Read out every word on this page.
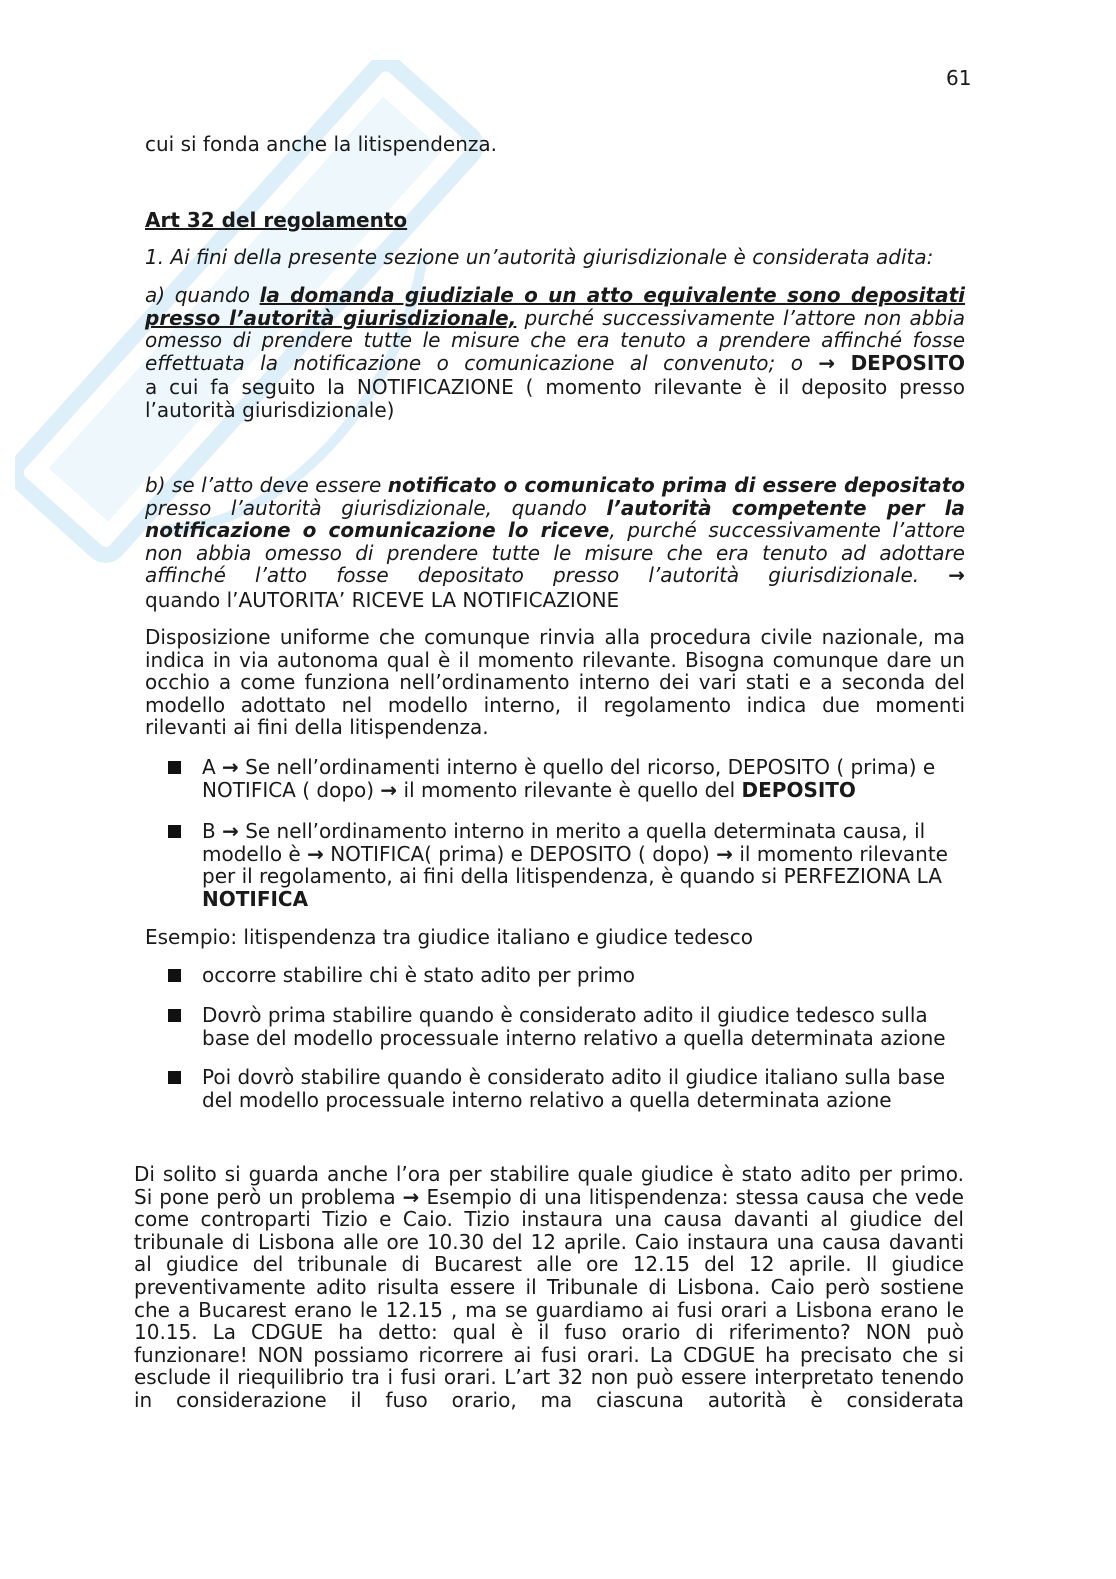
61
cui si fonda anche la litispendenza.
Art 32 del regolamento
1. Ai fini della presente sezione un’autorità giurisdizionale è considerata adita:
a) quando la domanda giudiziale o un atto equivalente sono depositati presso l’autorità giurisdizionale, purché successivamente l’attore non abbia omesso di prendere tutte le misure che era tenuto a prendere affinché fosse effettuata la notificazione o comunicazione al convenuto; o → DEPOSITO
a cui fa seguito la NOTIFICAZIONE ( momento rilevante è il deposito presso l’autorità giurisdizionale)
b) se l’atto deve essere notificato o comunicato prima di essere depositato presso l’autorità giurisdizionale, quando l’autorità competente per la notificazione o comunicazione lo riceve, purché successivamente l’attore non abbia omesso di prendere tutte le misure che era tenuto ad adottare affinché l’atto fosse depositato presso l’autorità giurisdizionale. →
quando l’AUTORITA’ RICEVE LA NOTIFICAZIONE
Disposizione uniforme che comunque rinvia alla procedura civile nazionale, ma indica in via autonoma qual è il momento rilevante. Bisogna comunque dare un occhio a come funziona nell’ordinamento interno dei vari stati e a seconda del modello adottato nel modello interno, il regolamento indica due momenti rilevanti ai fini della litispendenza.
A → Se nell’ordinamenti interno è quello del ricorso, DEPOSITO ( prima) e NOTIFICA ( dopo) → il momento rilevante è quello del DEPOSITO
B → Se nell’ordinamento interno in merito a quella determinata causa, il modello è → NOTIFICA( prima) e DEPOSITO ( dopo) → il momento rilevante per il regolamento, ai fini della litispendenza, è quando si PERFEZIONA LA NOTIFICA
Esempio: litispendenza tra giudice italiano e giudice tedesco
occorre stabilire chi è stato adito per primo
Dovrò prima stabilire quando è considerato adito il giudice tedesco sulla base del modello processuale interno relativo a quella determinata azione
Poi dovrò stabilire quando è considerato adito il giudice italiano sulla base del modello processuale interno relativo a quella determinata azione
Di solito si guarda anche l’ora per stabilire quale giudice è stato adito per primo. Si pone però un problema → Esempio di una litispendenza: stessa causa che vede come controparti Tizio e Caio. Tizio instaura una causa davanti al giudice del tribunale di Lisbona alle ore 10.30 del 12 aprile. Caio instaura una causa davanti al giudice del tribunale di Bucarest alle ore 12.15 del 12 aprile. Il giudice preventivamente adito risulta essere il Tribunale di Lisbona. Caio però sostiene che a Bucarest erano le 12.15 , ma se guardiamo ai fusi orari a Lisbona erano le 10.15. La CDGUE ha detto: qual è il fuso orario di riferimento? NON può funzionare! NON possiamo ricorrere ai fusi orari. La CDGUE ha precisato che si esclude il riequilibrio tra i fusi orari. L’art 32 non può essere interpretato tenendo in considerazione il fuso orario, ma ciascuna autorità è considerata
